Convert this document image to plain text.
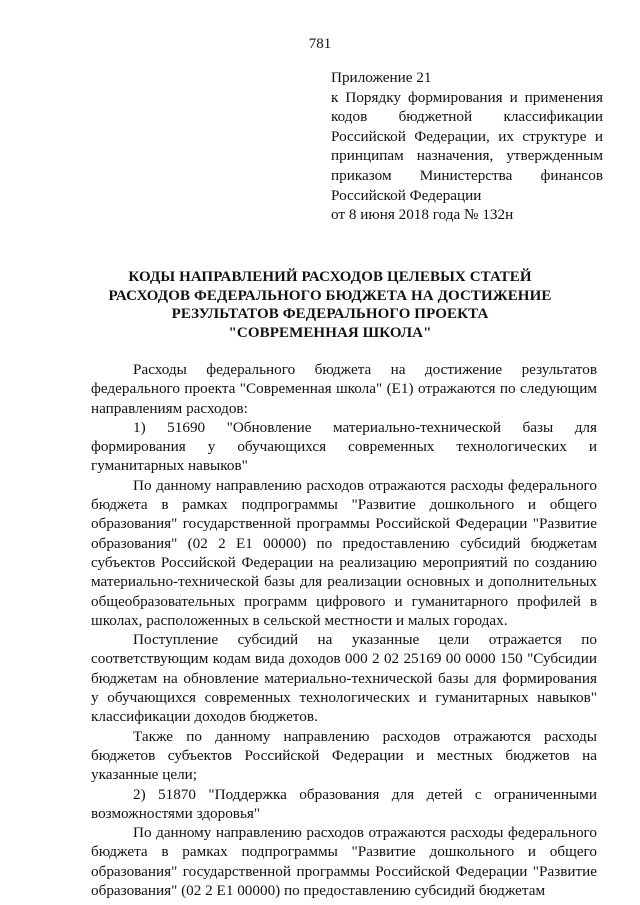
781
Приложение 21
к Порядку формирования и применения кодов бюджетной классификации Российской Федерации, их структуре и принципам назначения, утвержденным приказом Министерства финансов Российской Федерации
от 8 июня 2018 года № 132н
КОДЫ НАПРАВЛЕНИЙ РАСХОДОВ ЦЕЛЕВЫХ СТАТЕЙ
РАСХОДОВ ФЕДЕРАЛЬНОГО БЮДЖЕТА НА ДОСТИЖЕНИЕ
РЕЗУЛЬТАТОВ ФЕДЕРАЛЬНОГО ПРОЕКТА
"СОВРЕМЕННАЯ ШКОЛА"

Расходы федерального бюджета на достижение результатов федерального проекта "Современная школа" (Е1) отражаются по следующим направлениям расходов:

1) 51690 "Обновление материально-технической базы для формирования у обучающихся современных технологических и гуманитарных навыков"

По данному направлению расходов отражаются расходы федерального бюджета в рамках подпрограммы "Развитие дошкольного и общего образования" государственной программы Российской Федерации "Развитие образования" (02 2 Е1 00000) по предоставлению субсидий бюджетам субъектов Российской Федерации на реализацию мероприятий по созданию материально-технической базы для реализации основных и дополнительных общеобразовательных программ цифрового и гуманитарного профилей в школах, расположенных в сельской местности и малых городах.

Поступление субсидий на указанные цели отражается по соответствующим кодам вида доходов 000 2 02 25169 00 0000 150 "Субсидии бюджетам на обновление материально-технической базы для формирования у обучающихся современных технологических и гуманитарных навыков" классификации доходов бюджетов.

Также по данному направлению расходов отражаются расходы бюджетов субъектов Российской Федерации и местных бюджетов на указанные цели;

2) 51870 "Поддержка образования для детей с ограниченными возможностями здоровья"

По данному направлению расходов отражаются расходы федерального бюджета в рамках подпрограммы "Развитие дошкольного и общего образования" государственной программы Российской Федерации "Развитие образования" (02 2 Е1 00000) по предоставлению субсидий бюджетам
